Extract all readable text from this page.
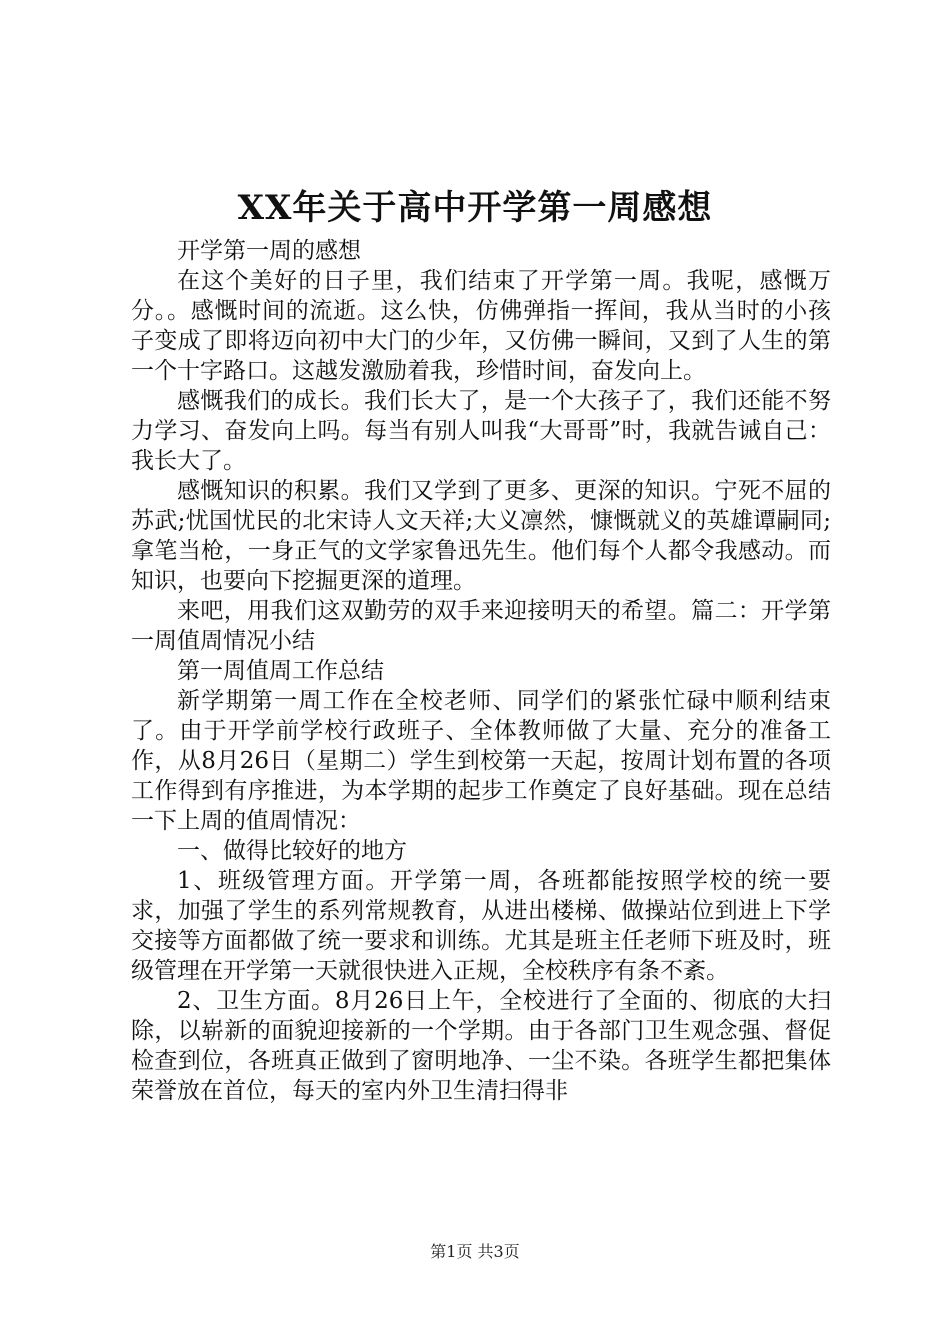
XX年关于高中开学第一周感想

开学第一周的感想

在这个美好的日子里，我们结束了开学第一周。我呢，感慨万分。。感慨时间的流逝。这么快，仿佛弹指一挥间，我从当时的小孩子变成了即将迈向初中大门的少年，又仿佛一瞬间，又到了人生的第一个十字路口。这越发激励着我，珍惜时间，奋发向上。

感慨我们的成长。我们长大了，是一个大孩子了，我们还能不努力学习、奋发向上吗。每当有别人叫我“大哥哥”时，我就告诫自己：我长大了。

感慨知识的积累。我们又学到了更多、更深的知识。宁死不屈的苏武;忧国忧民的北宋诗人文天祥;大义凛然，慷慨就义的英雄谭嗣同;拿笔当枪，一身正气的文学家鲁迅先生。他们每个人都令我感动。而知识，也要向下挖掘更深的道理。

来吧，用我们这双勤劳的双手来迎接明天的希望。篇二：开学第一周值周情况小结

第一周值周工作总结

新学期第一周工作在全校老师、同学们的紧张忙碌中顺利结束了。由于开学前学校行政班子、全体教师做了大量、充分的准备工作，从8月26日（星期二）学生到校第一天起，按周计划布置的各项工作得到有序推进，为本学期的起步工作奠定了良好基础。现在总结一下上周的值周情况：

一、做得比较好的地方

1、班级管理方面。开学第一周，各班都能按照学校的统一要求，加强了学生的系列常规教育，从进出楼梯、做操站位到进上下学交接等方面都做了统一要求和训练。尤其是班主任老师下班及时，班级管理在开学第一天就很快进入正规，全校秩序有条不紊。

2、卫生方面。8月26日上午，全校进行了全面的、彻底的大扫除，以崭新的面貌迎接新的一个学期。由于各部门卫生观念强、督促检查到位，各班真正做到了窗明地净、一尘不染。各班学生都把集体荣誉放在首位，每天的室内外卫生清扫得非

第1页 共3页
